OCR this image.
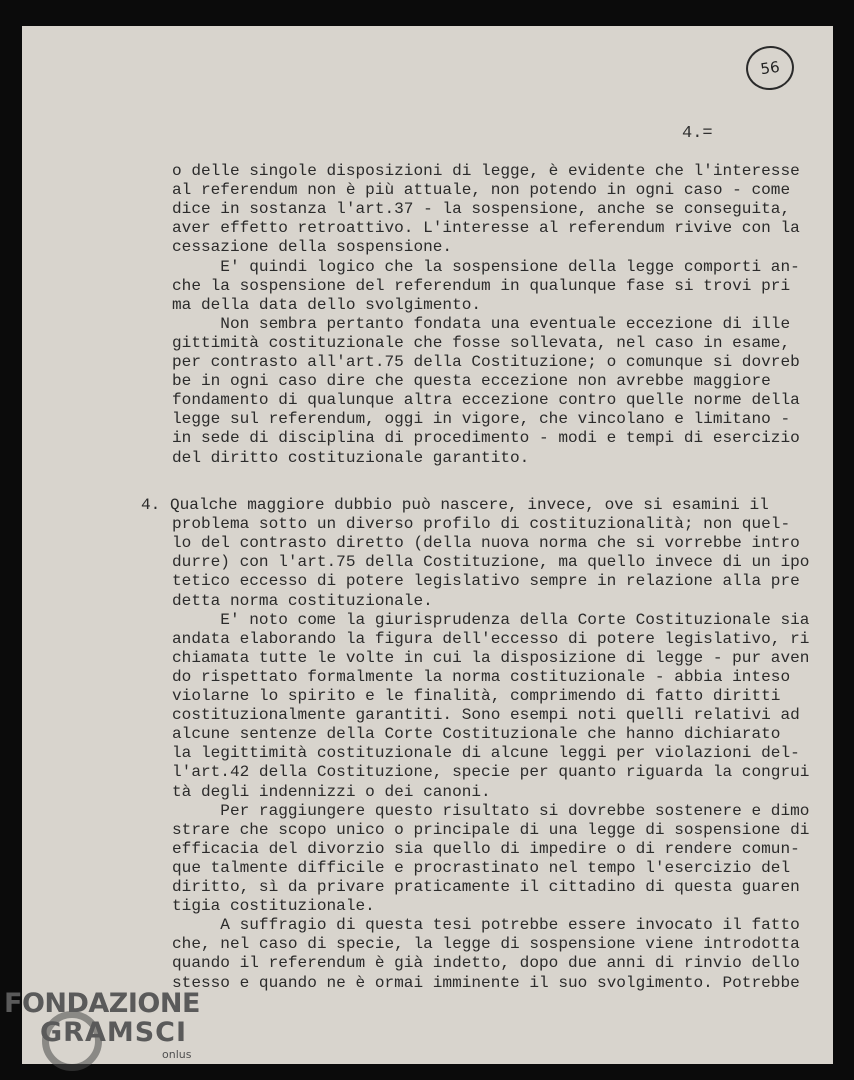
56
4.=

o delle singole disposizioni di legge, è evidente che l'interesse

al referendum non è più attuale, non potendo in ogni caso - come

dice in sostanza l'art.37 - la sospensione, anche se conseguita,

aver effetto retroattivo. L'interesse al referendum rivive con la

cessazione della sospensione.

E' quindi logico che la sospensione della legge comporti an-

che la sospensione del referendum in qualunque fase si trovi pri

ma della data dello svolgimento.

Non sembra pertanto fondata una eventuale eccezione di ille

gittimità costituzionale che fosse sollevata, nel caso in esame,

per contrasto all'art.75 della Costituzione; o comunque si dovreb

be in ogni caso dire che questa eccezione non avrebbe maggiore

fondamento di qualunque altra eccezione contro quelle norme della

legge sul referendum, oggi in vigore, che vincolano e limitano -

in sede di disciplina di procedimento - modi e tempi di esercizio

del diritto costituzionale garantito.

4. Qualche maggiore dubbio può nascere, invece, ove si esamini il

problema sotto un diverso profilo di costituzionalità; non quel-

lo del contrasto diretto (della nuova norma che si vorrebbe intro

durre) con l'art.75 della Costituzione, ma quello invece di un ipo

tetico eccesso di potere legislativo sempre in relazione alla pre

detta norma costituzionale.

E' noto come la giurisprudenza della Corte Costituzionale sia

andata elaborando la figura dell'eccesso di potere legislativo, ri

chiamata tutte le volte in cui la disposizione di legge - pur aven

do rispettato formalmente la norma costituzionale - abbia inteso

violarne lo spirito e le finalità, comprimendo di fatto diritti

costituzionalmente garantiti. Sono esempi noti quelli relativi ad

alcune sentenze della Corte Costituzionale che hanno dichiarato

la legittimità costituzionale di alcune leggi per violazioni del-

l'art.42 della Costituzione, specie per quanto riguarda la congrui

tà degli indennizzi o dei canoni.

Per raggiungere questo risultato si dovrebbe sostenere e dimo

strare che scopo unico o principale di una legge di sospensione di

efficacia del divorzio sia quello di impedire o di rendere comun-

que talmente difficile e procrastinato nel tempo l'esercizio del

diritto, sì da privare praticamente il cittadino di questa guaren

tigia costituzionale.

A suffragio di questa tesi potrebbe essere invocato il fatto

che, nel caso di specie, la legge di sospensione viene introdotta

quando il referendum è già indetto, dopo due anni di rinvio dello

stesso e quando ne è ormai imminente il suo svolgimento. Potrebbe

FONDAZIONE
GRAMSCI
onlus
